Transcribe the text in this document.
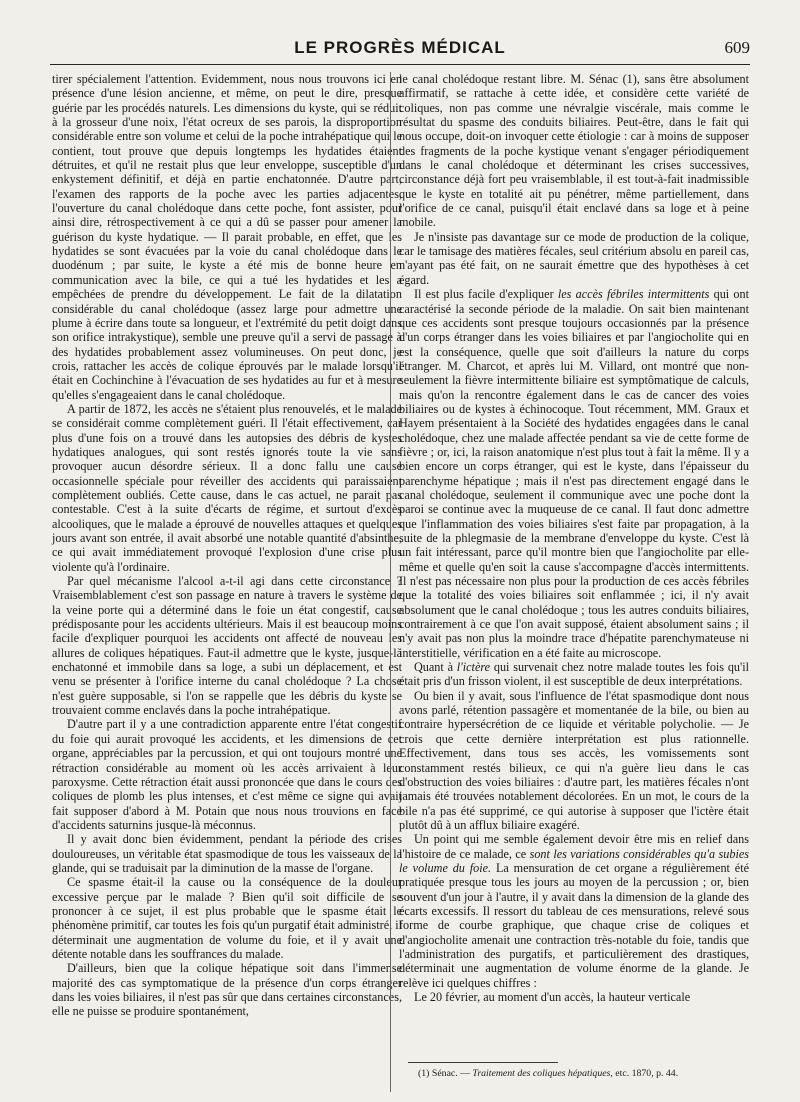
LE PROGRÈS MÉDICAL	609

tirer spécialement l'attention. Evidemment, nous nous trouvons ici en présence d'une lésion ancienne, et même, on peut le dire, presque guérie par les procédés naturels. Les dimensions du kyste, qui se réduit à la grosseur d'une noix, l'état ocreux de ses parois, la disproportion considérable entre son volume et celui de la poche intrahépatique qui le contient, tout prouve que depuis longtemps les hydatides étaient détruites, et qu'il ne restait plus que leur enveloppe, susceptible d'un enkystement définitif, et déjà en partie enchatonnée. D'autre part, l'examen des rapports de la poche avec les parties adjacentes, l'ouverture du canal cholédoque dans cette poche, font assister, pour ainsi dire, rétrospectivement à ce qui a dû se passer pour amener la guérison du kyste hydatique. — Il parait probable, en effet, que les hydatides se sont évacuées par la voie du canal cholédoque dans le duodénum ; par suite, le kyste a été mis de bonne heure en communication avec la bile, ce qui a tué les hydatides et les a empêchées de prendre du développement. Le fait de la dilatation considérable du canal cholédoque (assez large pour admettre une plume à écrire dans toute sa longueur, et l'extrémité du petit doigt dans son orifice intrakystique), semble une preuve qu'il a servi de passage à des hydatides probablement assez volumineuses. On peut donc, je crois, rattacher les accès de colique éprouvés par le malade lorsqu'il était en Cochinchine à l'évacuation de ses hydatides au fur et à mesure qu'elles s'engageaient dans le canal cholédoque.

A partir de 1872, les accès ne s'étaient plus renouvelés, et le malade se considérait comme complètement guéri. Il l'était effectivement, car plus d'une fois on a trouvé dans les autopsies des débris de kystes hydatiques analogues, qui sont restés ignorés toute la vie sans provoquer aucun désordre sérieux. Il a donc fallu une cause occasionnelle spéciale pour réveiller des accidents qui paraissaient complètement oubliés. Cette cause, dans le cas actuel, ne parait pas contestable. C'est à la suite d'écarts de régime, et surtout d'excès alcooliques, que le malade a éprouvé de nouvelles attaques et quelques jours avant son entrée, il avait absorbé une notable quantité d'absinthe, ce qui avait immédiatement provoqué l'explosion d'une crise plus violente qu'à l'ordinaire.

Par quel mécanisme l'alcool a-t-il agi dans cette circonstance ? Vraisemblablement c'est son passage en nature à travers le système de la veine porte qui a déterminé dans le foie un état congestif, cause prédisposante pour les accidents ultérieurs. Mais il est beaucoup moins facile d'expliquer pourquoi les accidents ont affecté de nouveau les allures de coliques hépatiques. Faut-il admettre que le kyste, jusque-là enchatonné et immobile dans sa loge, a subi un déplacement, et est venu se présenter à l'orifice interne du canal cholédoque ? La chose n'est guère supposable, si l'on se rappelle que les débris du kyste se trouvaient comme enclavés dans la poche intrahépatique.

D'autre part il y a une contradiction apparente entre l'état congestif du foie qui aurait provoqué les accidents, et les dimensions de cet organe, appréciables par la percussion, et qui ont toujours montré une rétraction considérable au moment où les accès arrivaient à leur paroxysme. Cette rétraction était aussi prononcée que dans le cours des coliques de plomb les plus intenses, et c'est même ce signe qui avait fait supposer d'abord à M. Potain que nous nous trouvions en face d'accidents saturnins jusque-là méconnus.

Il y avait donc bien évidemment, pendant la période des crises douloureuses, un véritable état spasmodique de tous les vaisseaux de la glande, qui se traduisait par la diminution de la masse de l'organe.

Ce spasme était-il la cause ou la conséquence de la douleur excessive perçue par le malade ? Bien qu'il soit difficile de se prononcer à ce sujet, il est plus probable que le spasme était le phénomène primitif, car toutes les fois qu'un purgatif était administré, il déterminait une augmentation de volume du foie, et il y avait une détente notable dans les souffrances du malade.

D'ailleurs, bien que la colique hépatique soit dans l'immense majorité des cas symptomatique de la présence d'un corps étranger dans les voies biliaires, il n'est pas sûr que dans certaines circonstances, elle ne puisse se produire spontanément,

le canal cholédoque restant libre. M. Sénac (1), sans être absolument affirmatif, se rattache à cette idée, et considère cette variété de coliques, non pas comme une névralgie viscérale, mais comme le résultat du spasme des conduits biliaires. Peut-être, dans le fait qui nous occupe, doit-on invoquer cette étiologie : car à moins de supposer des fragments de la poche kystique venant s'engager périodiquement dans le canal cholédoque et déterminant les crises successives, circonstance déjà fort peu vraisemblable, il est tout-à-fait inadmissible que le kyste en totalité ait pu pénétrer, même partiellement, dans l'orifice de ce canal, puisqu'il était enclavé dans sa loge et à peine mobile.

Je n'insiste pas davantage sur ce mode de production de la colique, car le tamisage des matières fécales, seul critérium absolu en pareil cas, n'ayant pas été fait, on ne saurait émettre que des hypothèses à cet égard.

Il est plus facile d'expliquer les accès fébriles intermittents qui ont caractérisé la seconde période de la maladie. On sait bien maintenant que ces accidents sont presque toujours occasionnés par la présence d'un corps étranger dans les voies biliaires et par l'angiocholite qui en est la conséquence, quelle que soit d'ailleurs la nature du corps étranger. M. Charcot, et après lui M. Villard, ont montré que non-seulement la fièvre intermittente biliaire est symptômatique de calculs, mais qu'on la rencontre également dans le cas de cancer des voies biliaires ou de kystes à échinocoque. Tout récemment, MM. Graux et Hayem présentaient à la Société des hydatides engagées dans le canal cholédoque, chez une malade affectée pendant sa vie de cette forme de fièvre ; or, ici, la raison anatomique n'est plus tout à fait la même. Il y a bien encore un corps étranger, qui est le kyste, dans l'épaisseur du parenchyme hépatique ; mais il n'est pas directement engagé dans le canal cholédoque, seulement il communique avec une poche dont la paroi se continue avec la muqueuse de ce canal. Il faut donc admettre que l'inflammation des voies biliaires s'est faite par propagation, à la suite de la phlegmasie de la membrane d'enveloppe du kyste. C'est là un fait intéressant, parce qu'il montre bien que l'angiocholite par elle-même et quelle qu'en soit la cause s'accompagne d'accès intermittents. Il n'est pas nécessaire non plus pour la production de ces accès fébriles que la totalité des voies biliaires soit enflammée ; ici, il n'y avait absolument que le canal cholédoque ; tous les autres conduits biliaires, contrairement à ce que l'on avait supposé, étaient absolument sains ; il n'y avait pas non plus la moindre trace d'hépatite parenchymateuse ni interstitielle, vérification en a été faite au microscope.

Quant à l'ictère qui survenait chez notre malade toutes les fois qu'il était pris d'un frisson violent, il est susceptible de deux interprétations.

Ou bien il y avait, sous l'influence de l'état spasmodique dont nous avons parlé, rétention passagère et momentanée de la bile, ou bien au contraire hypersécrétion de ce liquide et véritable polycholie. — Je crois que cette dernière interprétation est plus rationnelle. Effectivement, dans tous ses accès, les vomissements sont constamment restés bilieux, ce qui n'a guère lieu dans le cas d'obstruction des voies biliaires : d'autre part, les matières fécales n'ont jamais été trouvées notablement décolorées. En un mot, le cours de la bile n'a pas été supprimé, ce qui autorise à supposer que l'ictère était plutôt dû à un afflux biliaire exagéré.

Un point qui me semble également devoir être mis en relief dans l'histoire de ce malade, ce sont les variations considérables qu'a subies le volume du foie. La mensuration de cet organe a régulièrement été pratiquée presque tous les jours au moyen de la percussion ; or, bien souvent d'un jour à l'autre, il y avait dans la dimension de la glande des écarts excessifs. Il ressort du tableau de ces mensurations, relevé sous forme de courbe graphique, que chaque crise de coliques et d'angiocholite amenait une contraction très-notable du foie, tandis que l'administration des purgatifs, et particulièrement des drastiques, déterminait une augmentation de volume énorme de la glande. Je relève ici quelques chiffres :

Le 20 février, au moment d'un accès, la hauteur verticale

(1) Sénac. — Traitement des coliques hépatiques, etc. 1870, p. 44.
